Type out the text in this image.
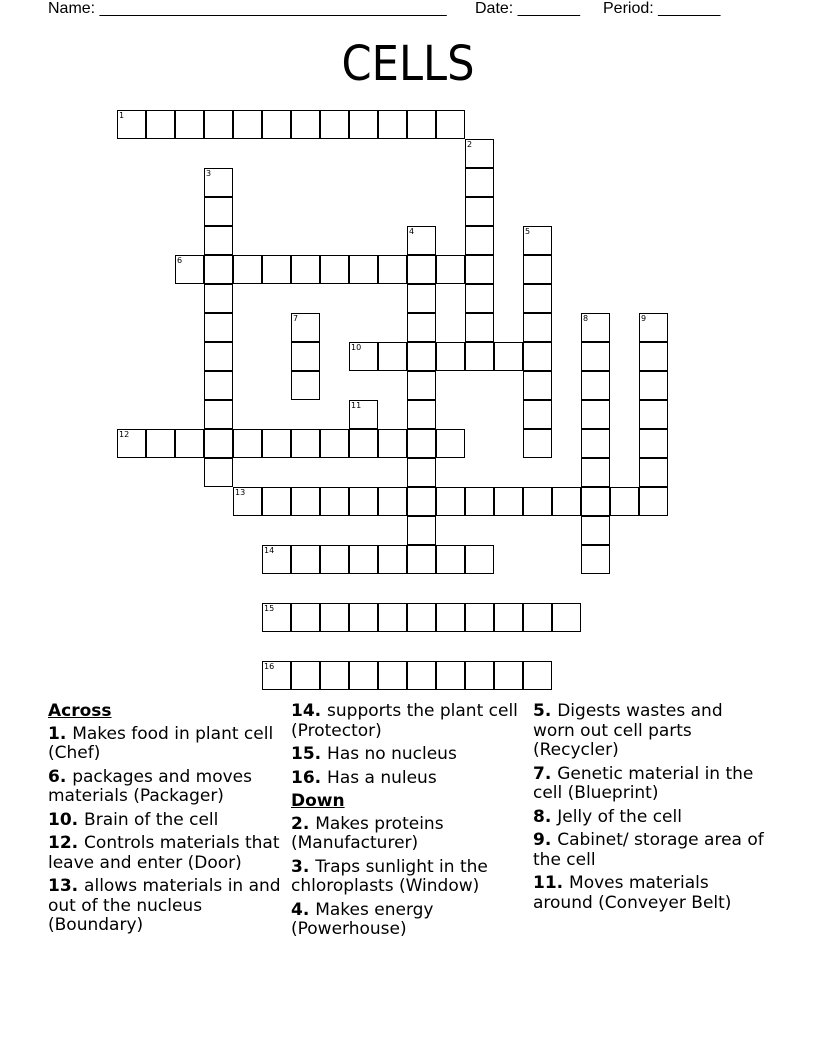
Name: _______________________________________ Date: _______ Period: _______
CELLS
1
2
3
4	5
6
7	8	9
10
11
12
13
14
15
16

Across

1. Makes food in plant cell (Chef)

6. packages and moves materials (Packager)

10. Brain of the cell

12. Controls materials that leave and enter (Door)

13. allows materials in and out of the nucleus (Boundary)

14. supports the plant cell (Protector)

15. Has no nucleus

16. Has a nuleus

Down

2. Makes proteins (Manufacturer)

3. Traps sunlight in the chloroplasts (Window)

4. Makes energy (Powerhouse)

5. Digests wastes and worn out cell parts (Recycler)

7. Genetic material in the cell (Blueprint)

8. Jelly of the cell

9. Cabinet/ storage area of the cell

11. Moves materials around (Conveyer Belt)
